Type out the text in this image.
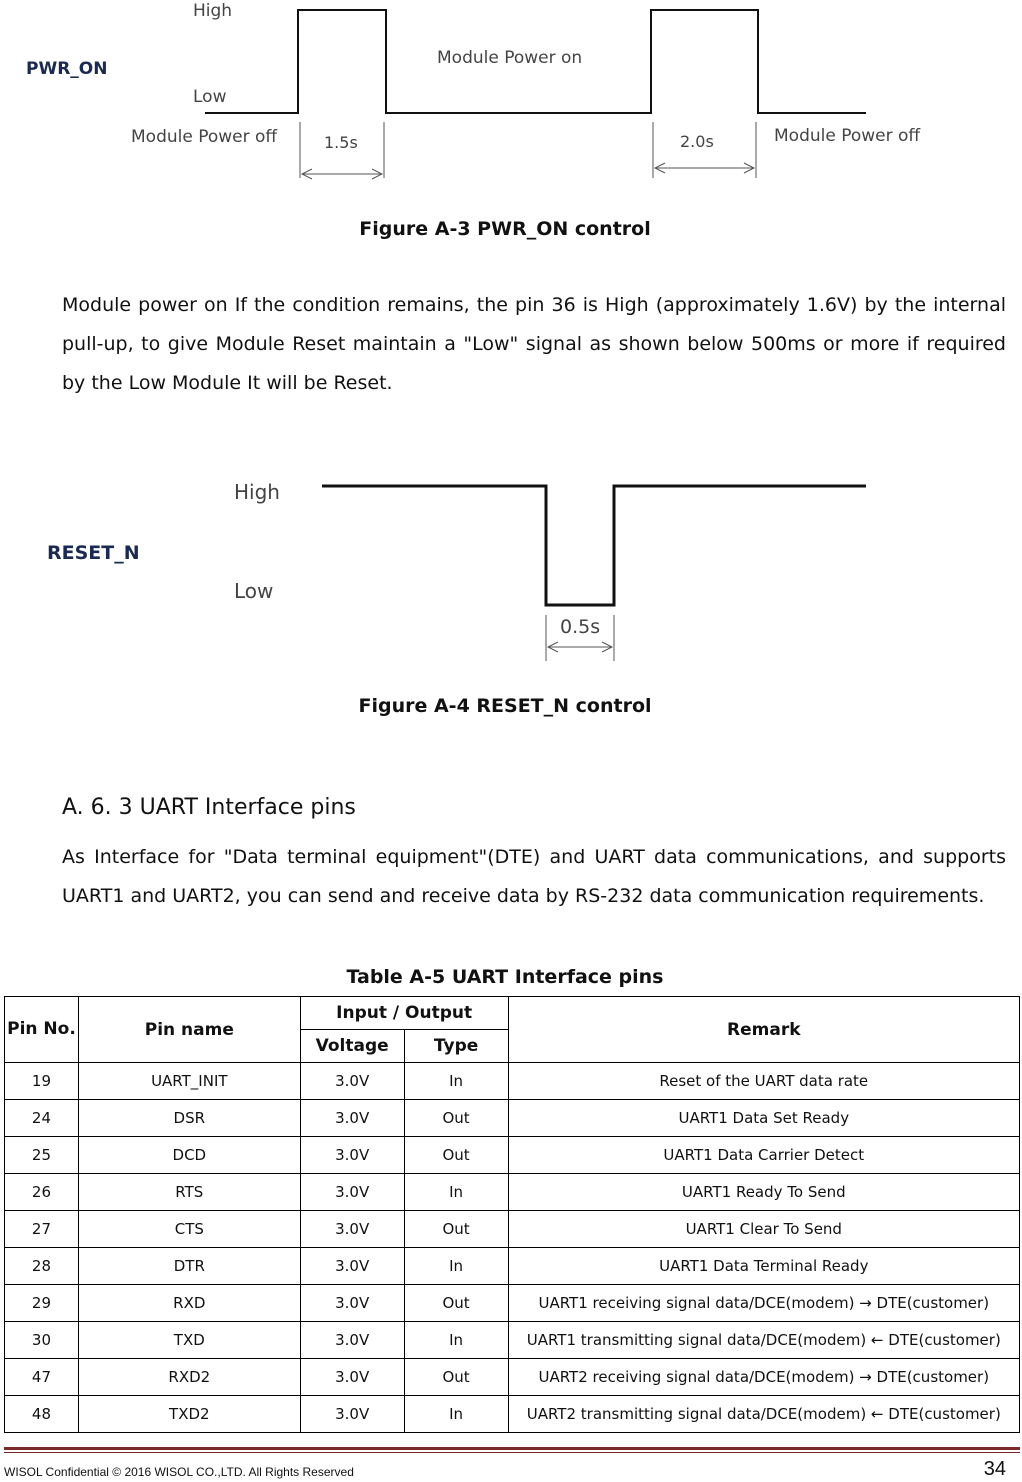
PWR_ON
High
Low
Module Power off
Module Power on
Module Power off
1.5s	2.0s
Figure A-3 PWR_ON control
Module power on If the condition remains, the pin 36 is High (approximately 1.6V) by the internal pull-up, to give Module Reset maintain a "Low" signal as shown below 500ms or more if required by the Low Module It will be Reset.
RESET_N
High
Low
0.5s
Figure A-4 RESET_N control
A. 6. 3 UART Interface pins
As Interface for "Data terminal equipment"(DTE) and UART data communications, and supports UART1 and UART2, you can send and receive data by RS-232 data communication requirements.
Table A-5 UART Interface pins
Pin No.	Pin name	Input / Output		Remark
		Voltage	Type	
19	UART_INIT	3.0V	In	Reset of the UART data rate
24	DSR	3.0V	Out	UART1 Data Set Ready
25	DCD	3.0V	Out	UART1 Data Carrier Detect
26	RTS	3.0V	In	UART1 Ready To Send
27	CTS	3.0V	Out	UART1 Clear To Send
28	DTR	3.0V	In	UART1 Data Terminal Ready
29	RXD	3.0V	Out	UART1 receiving signal data/DCE(modem) → DTE(customer)
30	TXD	3.0V	In	UART1 transmitting signal data/DCE(modem) ← DTE(customer)
47	RXD2	3.0V	Out	UART2 receiving signal data/DCE(modem) → DTE(customer)
48	TXD2	3.0V	In	UART2 transmitting signal data/DCE(modem) ← DTE(customer)
WISOL Confidential © 2016 WISOL CO.,LTD. All Rights Reserved	34
